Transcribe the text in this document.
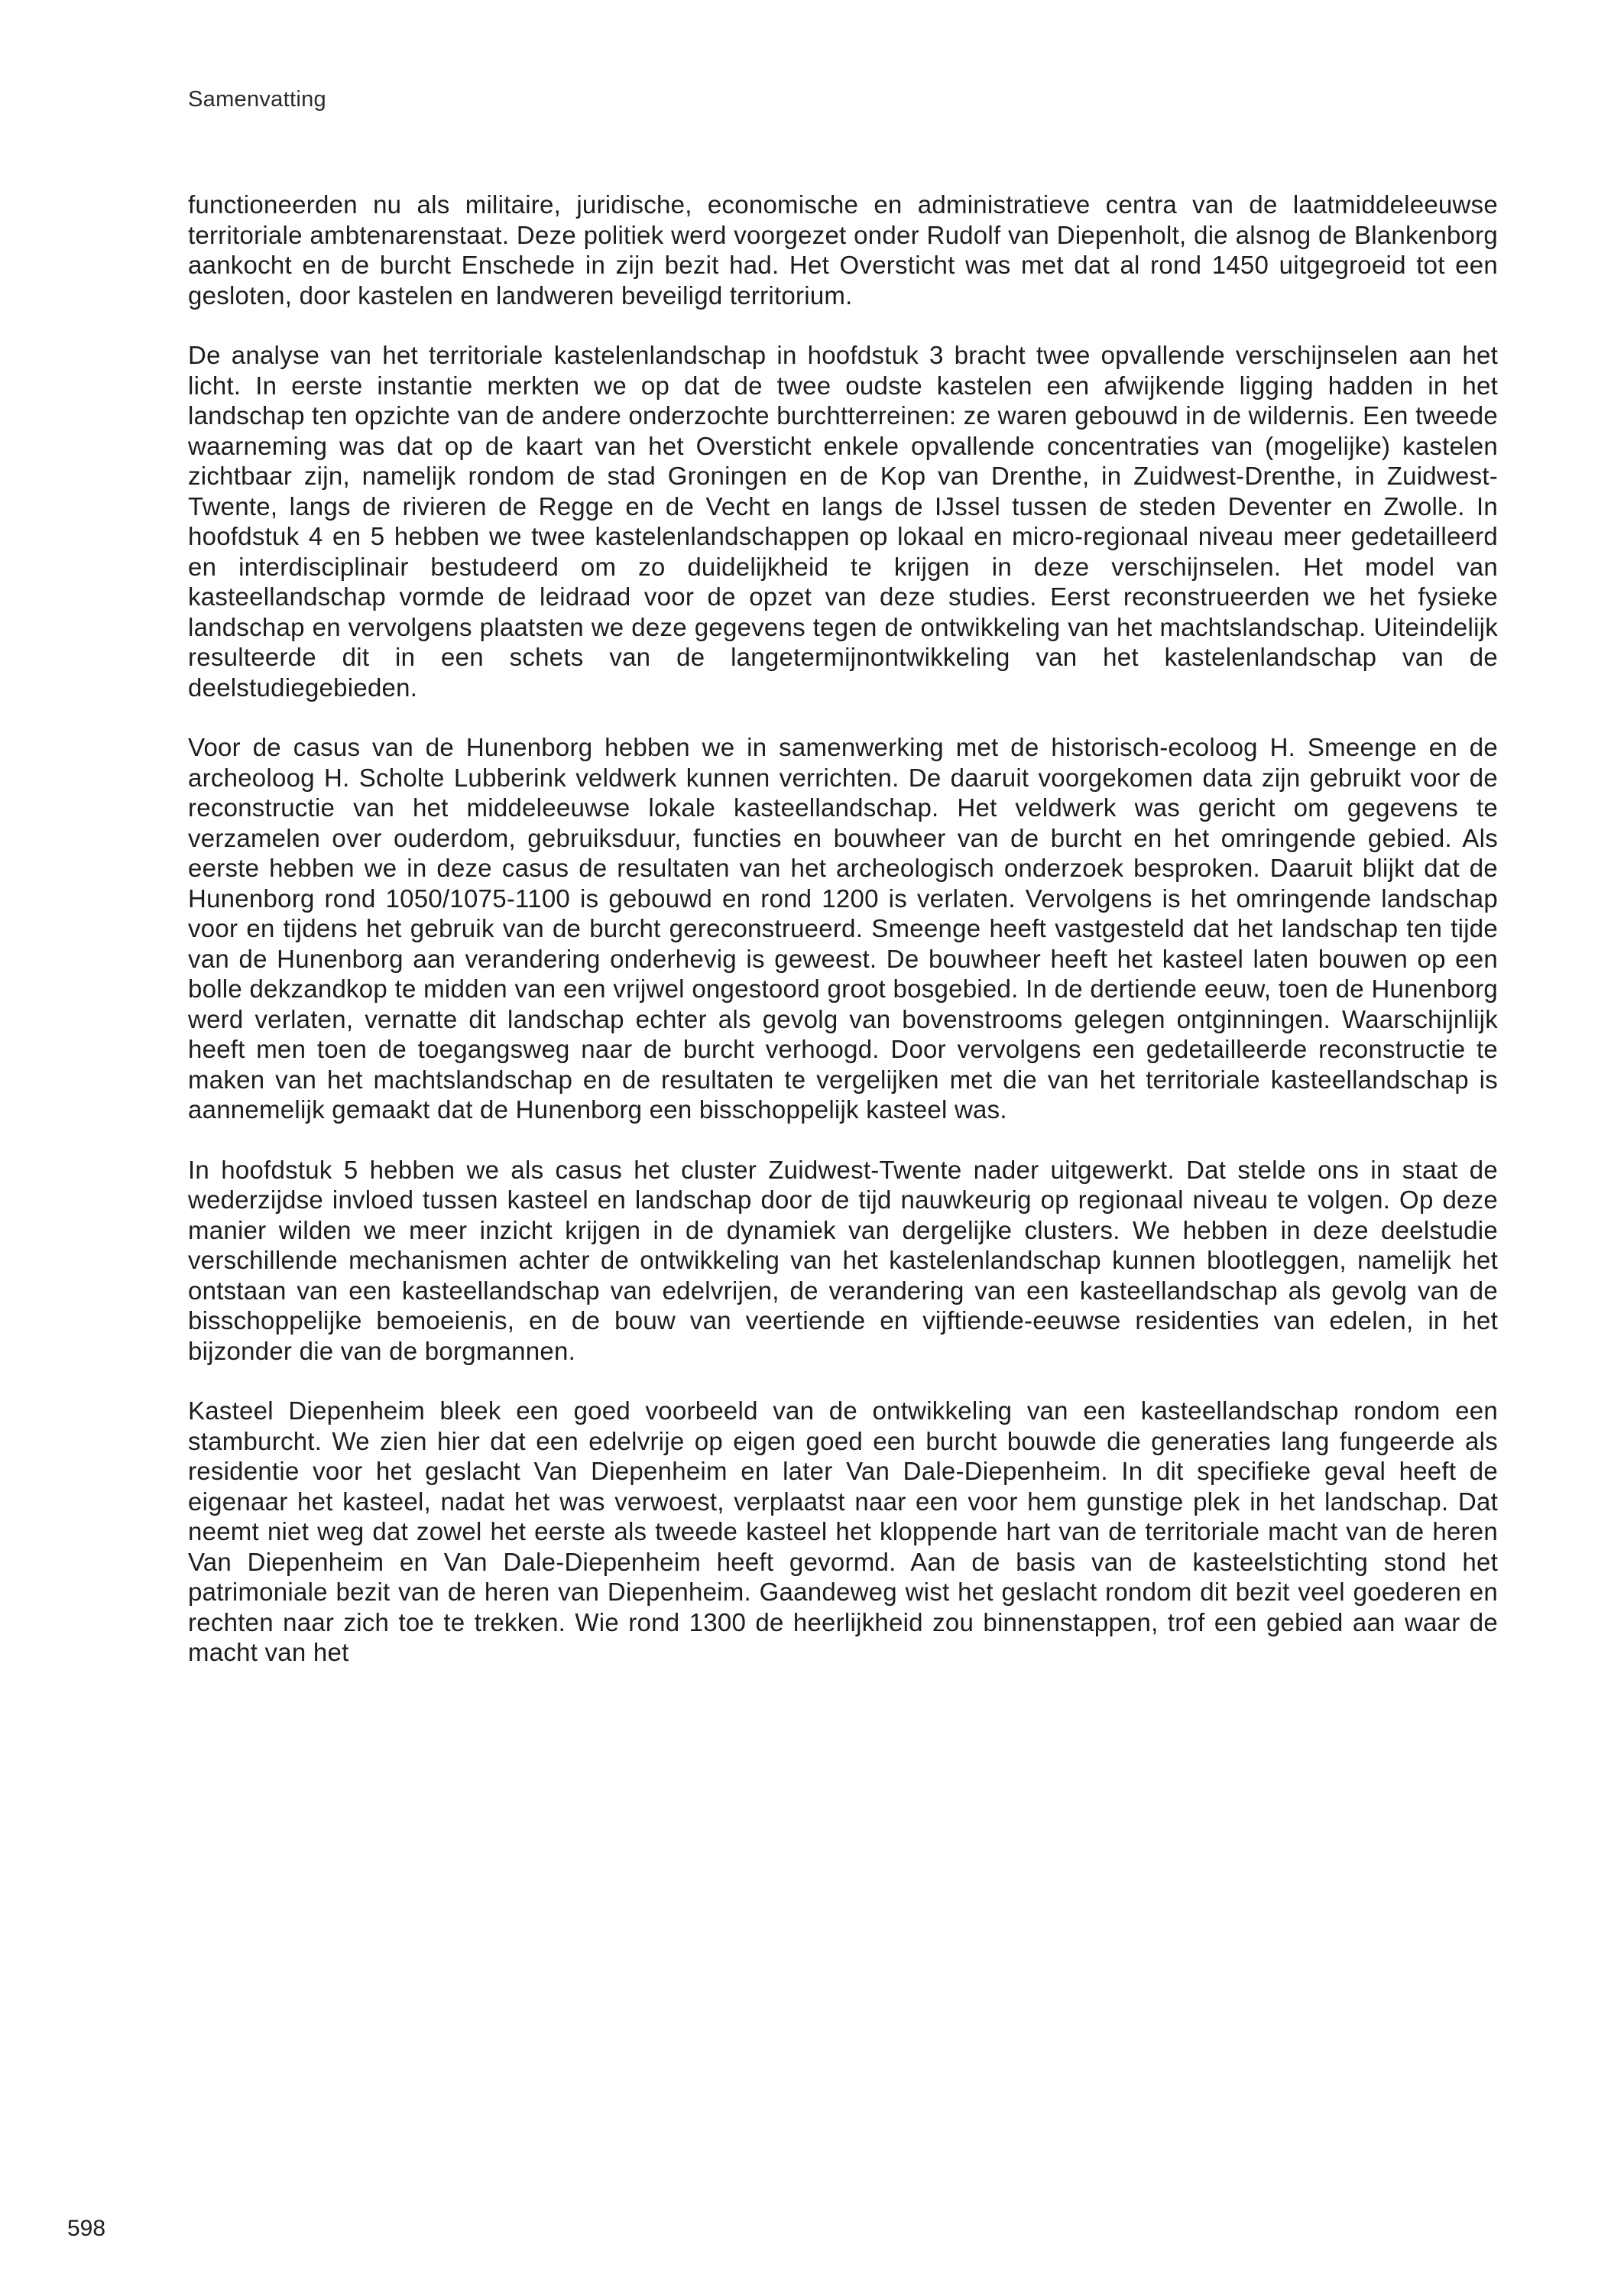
Samenvatting

functioneerden nu als militaire, juridische, economische en administratieve centra van de laatmiddeleeuwse territoriale ambtenarenstaat. Deze politiek werd voorgezet onder Rudolf van Diepenholt, die alsnog de Blankenborg aankocht en de burcht Enschede in zijn bezit had. Het Oversticht was met dat al rond 1450 uitgegroeid tot een gesloten, door kastelen en landweren beveiligd territorium.

De analyse van het territoriale kastelenlandschap in hoofdstuk 3 bracht twee opvallende verschijnselen aan het licht. In eerste instantie merkten we op dat de twee oudste kastelen een afwijkende ligging hadden in het landschap ten opzichte van de andere onderzochte burchtterreinen: ze waren gebouwd in de wildernis. Een tweede waarneming was dat op de kaart van het Oversticht enkele opvallende concentraties van (mogelijke) kastelen zichtbaar zijn, namelijk rondom de stad Groningen en de Kop van Drenthe, in Zuidwest-Drenthe, in Zuidwest-Twente, langs de rivieren de Regge en de Vecht en langs de IJssel tussen de steden Deventer en Zwolle. In hoofdstuk 4 en 5 hebben we twee kastelenlandschappen op lokaal en micro-regionaal niveau meer gedetailleerd en interdisciplinair bestudeerd om zo duidelijkheid te krijgen in deze verschijnselen. Het model van kasteellandschap vormde de leidraad voor de opzet van deze studies. Eerst reconstrueerden we het fysieke landschap en vervolgens plaatsten we deze gegevens tegen de ontwikkeling van het machtslandschap. Uiteindelijk resulteerde dit in een schets van de langetermijnontwikkeling van het kastelenlandschap van de deelstudiegebieden.

Voor de casus van de Hunenborg hebben we in samenwerking met de historisch-ecoloog H. Smeenge en de archeoloog H. Scholte Lubberink veldwerk kunnen verrichten. De daaruit voorgekomen data zijn gebruikt voor de reconstructie van het middeleeuwse lokale kasteellandschap. Het veldwerk was gericht om gegevens te verzamelen over ouderdom, gebruiksduur, functies en bouwheer van de burcht en het omringende gebied. Als eerste hebben we in deze casus de resultaten van het archeologisch onderzoek besproken. Daaruit blijkt dat de Hunenborg rond 1050/1075-1100 is gebouwd en rond 1200 is verlaten. Vervolgens is het omringende landschap voor en tijdens het gebruik van de burcht gereconstrueerd. Smeenge heeft vastgesteld dat het landschap ten tijde van de Hunenborg aan verandering onderhevig is geweest. De bouwheer heeft het kasteel laten bouwen op een bolle dekzandkop te midden van een vrijwel ongestoord groot bosgebied. In de dertiende eeuw, toen de Hunenborg werd verlaten, vernatte dit landschap echter als gevolg van bovenstrooms gelegen ontginningen. Waarschijnlijk heeft men toen de toegangsweg naar de burcht verhoogd. Door vervolgens een gedetailleerde reconstructie te maken van het machtslandschap en de resultaten te vergelijken met die van het territoriale kasteellandschap is aannemelijk gemaakt dat de Hunenborg een bisschoppelijk kasteel was.

In hoofdstuk 5 hebben we als casus het cluster Zuidwest-Twente nader uitgewerkt. Dat stelde ons in staat de wederzijdse invloed tussen kasteel en landschap door de tijd nauwkeurig op regionaal niveau te volgen. Op deze manier wilden we meer inzicht krijgen in de dynamiek van dergelijke clusters. We hebben in deze deelstudie verschillende mechanismen achter de ontwikkeling van het kastelenlandschap kunnen blootleggen, namelijk het ontstaan van een kasteellandschap van edelvrijen, de verandering van een kasteellandschap als gevolg van de bisschoppelijke bemoeienis, en de bouw van veertiende en vijftiende-eeuwse residenties van edelen, in het bijzonder die van de borgmannen.

Kasteel Diepenheim bleek een goed voorbeeld van de ontwikkeling van een kasteellandschap rondom een stamburcht. We zien hier dat een edelvrije op eigen goed een burcht bouwde die generaties lang fungeerde als residentie voor het geslacht Van Diepenheim en later Van Dale-Diepenheim. In dit specifieke geval heeft de eigenaar het kasteel, nadat het was verwoest, verplaatst naar een voor hem gunstige plek in het landschap. Dat neemt niet weg dat zowel het eerste als tweede kasteel het kloppende hart van de territoriale macht van de heren Van Diepenheim en Van Dale-Diepenheim heeft gevormd. Aan de basis van de kasteelstichting stond het patrimoniale bezit van de heren van Diepenheim. Gaandeweg wist het geslacht rondom dit bezit veel goederen en rechten naar zich toe te trekken. Wie rond 1300 de heerlijkheid zou binnenstappen, trof een gebied aan waar de macht van het

598
